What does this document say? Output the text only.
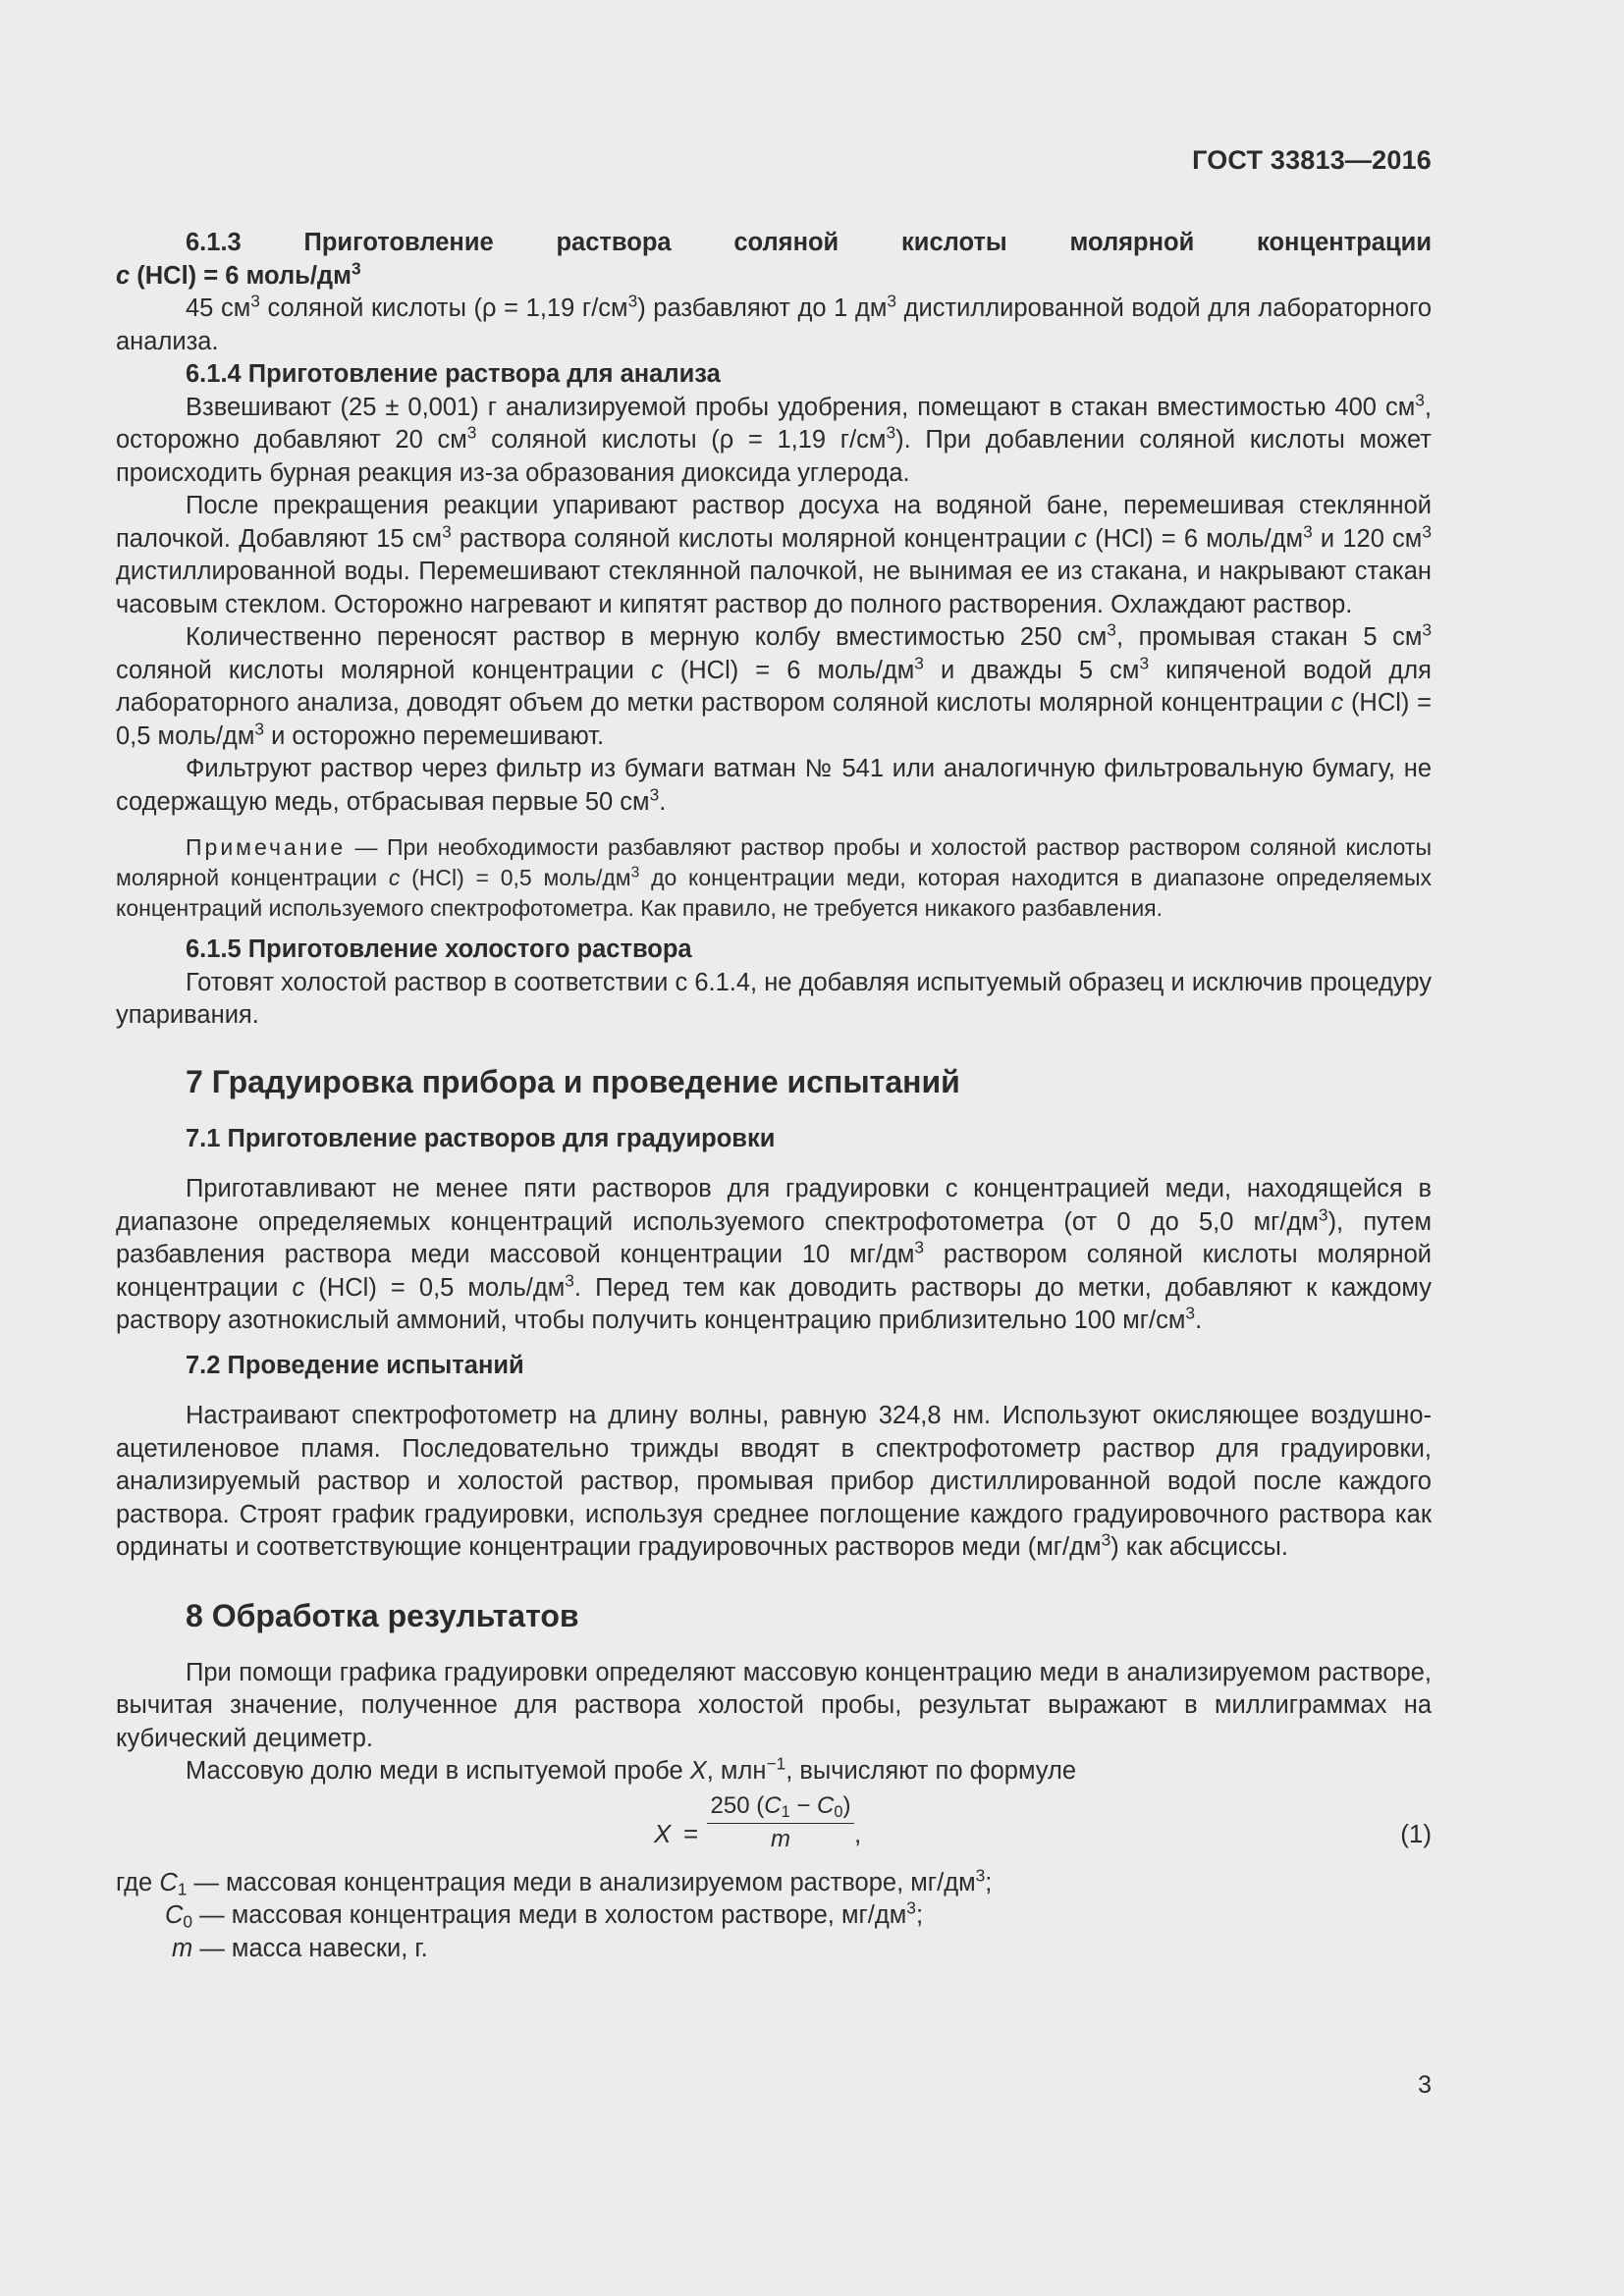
ГОСТ 33813—2016

6.1.3 Приготовление раствора соляной кислоты молярной концентрации

c (HCl) = 6 моль/$дм^3$

45 $см^3$ соляной кислоты (ρ = 1,19 $г/см^3$) разбавляют до 1 $дм^3$ дистиллированной водой для лабораторного анализа.

6.1.4 Приготовление раствора для анализа

Взвешивают (25 ± 0,001) г анализируемой пробы удобрения, помещают в стакан вместимостью 400 $см^3$, осторожно добавляют 20 $см^3$ соляной кислоты (ρ = 1,19 $г/см^3$). При добавлении соляной кислоты может происходить бурная реакция из-за образования диоксида углерода.

После прекращения реакции упаривают раствор досуха на водяной бане, перемешивая стеклянной палочкой. Добавляют 15 $см^3$ раствора соляной кислоты молярной концентрации c (HCl) = 6 моль/$дм^3$ и 120 $см^3$ дистиллированной воды. Перемешивают стеклянной палочкой, не вынимая ее из стакана, и накрывают стакан часовым стеклом. Осторожно нагревают и кипятят раствор до полного растворения. Охлаждают раствор.

Количественно переносят раствор в мерную колбу вместимостью 250 $см^3$, промывая стакан 5 $см^3$ соляной кислоты молярной концентрации c (HCl) = 6 моль/$дм^3$ и дважды 5 $см^3$ кипяченой водой для лабораторного анализа, доводят объем до метки раствором соляной кислоты молярной концентрации c (HCl) = 0,5 моль/$дм^3$ и осторожно перемешивают.

Фильтруют раствор через фильтр из бумаги ватман № 541 или аналогичную фильтровальную бумагу, не содержащую медь, отбрасывая первые 50 $см^3$.

Примечание — При необходимости разбавляют раствор пробы и холостой раствор раствором соляной кислоты молярной концентрации c (HCl) = 0,5 моль/$дм^3$ до концентрации меди, которая находится в диапазоне определяемых концентраций используемого спектрофотометра. Как правило, не требуется никакого разбавления.

6.1.5 Приготовление холостого раствора

Готовят холостой раствор в соответствии с 6.1.4, не добавляя испытуемый образец и исключив процедуру упаривания.

7 Градуировка прибора и проведение испытаний

7.1 Приготовление растворов для градуировки

Приготавливают не менее пяти растворов для градуировки с концентрацией меди, находящейся в диапазоне определяемых концентраций используемого спектрофотометра (от 0 до 5,0 $мг/дм^3$), путем разбавления раствора меди массовой концентрации 10 $мг/дм^3$ раствором соляной кислоты молярной концентрации c (HCl) = 0,5 моль/$дм^3$. Перед тем как доводить растворы до метки, добавляют к каждому раствору азотнокислый аммоний, чтобы получить концентрацию приблизительно 100 $мг/см^3$.

7.2 Проведение испытаний

Настраивают спектрофотометр на длину волны, равную 324,8 нм. Используют окисляющее воздушно-ацетиленовое пламя. Последовательно трижды вводят в спектрофотометр раствор для градуировки, анализируемый раствор и холостой раствор, промывая прибор дистиллированной водой после каждого раствора. Строят график градуировки, используя среднее поглощение каждого градуировочного раствора как ординаты и соответствующие концентрации градуировочных растворов меди $(мг/дм^3)$ как абсциссы.

8 Обработка результатов

При помощи графика градуировки определяют массовую концентрацию меди в анализируемом растворе, вычитая значение, полученное для раствора холостой пробы, результат выражают в миллиграммах на кубический дециметр.

Массовую долю меди в испытуемой пробе X, млн$^{-1}$, вычисляют по формуле

$X = \frac{250 (C_1 - C_0)}{m}$ ,	(1)

где $C_1$ — массовая концентрация меди в анализируемом растворе, $мг/дм^3$;

$C_0$ — массовая концентрация меди в холостом растворе, $мг/дм^3$;

m — масса навески, г.

3
